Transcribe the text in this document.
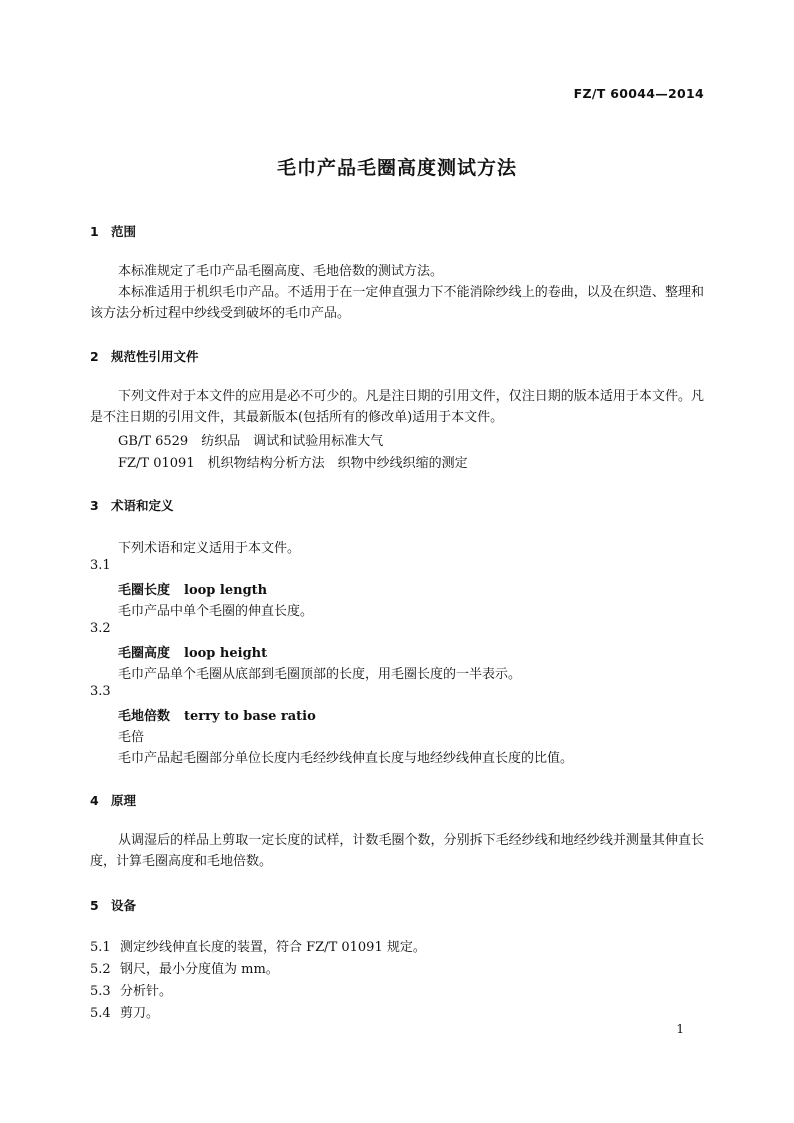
FZ/T 60044—2014
毛巾产品毛圈高度测试方法
1 范围
本标准规定了毛巾产品毛圈高度、毛地倍数的测试方法。
本标准适用于机织毛巾产品。不适用于在一定伸直强力下不能消除纱线上的卷曲，以及在织造、整理和该方法分析过程中纱线受到破坏的毛巾产品。
2 规范性引用文件
下列文件对于本文件的应用是必不可少的。凡是注日期的引用文件，仅注日期的版本适用于本文件。凡是不注日期的引用文件，其最新版本(包括所有的修改单)适用于本文件。
GB/T 6529　 纺织品　调试和试验用标准大气
FZ/T 01091　 机织物结构分析方法　织物中纱线织缩的测定
3 术语和定义
下列术语和定义适用于本文件。
3.1
毛圈长度 loop length
毛巾产品中单个毛圈的伸直长度。
3.2
毛圈高度 loop height
毛巾产品单个毛圈从底部到毛圈顶部的长度，用毛圈长度的一半表示。
3.3
毛地倍数 terry to base ratio
毛倍
毛巾产品起毛圈部分单位长度内毛经纱线伸直长度与地经纱线伸直长度的比值。
4 原理
从调湿后的样品上剪取一定长度的试样，计数毛圈个数，分别拆下毛经纱线和地经纱线并测量其伸直长度，计算毛圈高度和毛地倍数。
5 设备
5.1 测定纱线伸直长度的装置，符合 FZ/T 01091 规定。
5.2 钢尺，最小分度值为 mm。
5.3 分析针。
5.4 剪刀。
1
